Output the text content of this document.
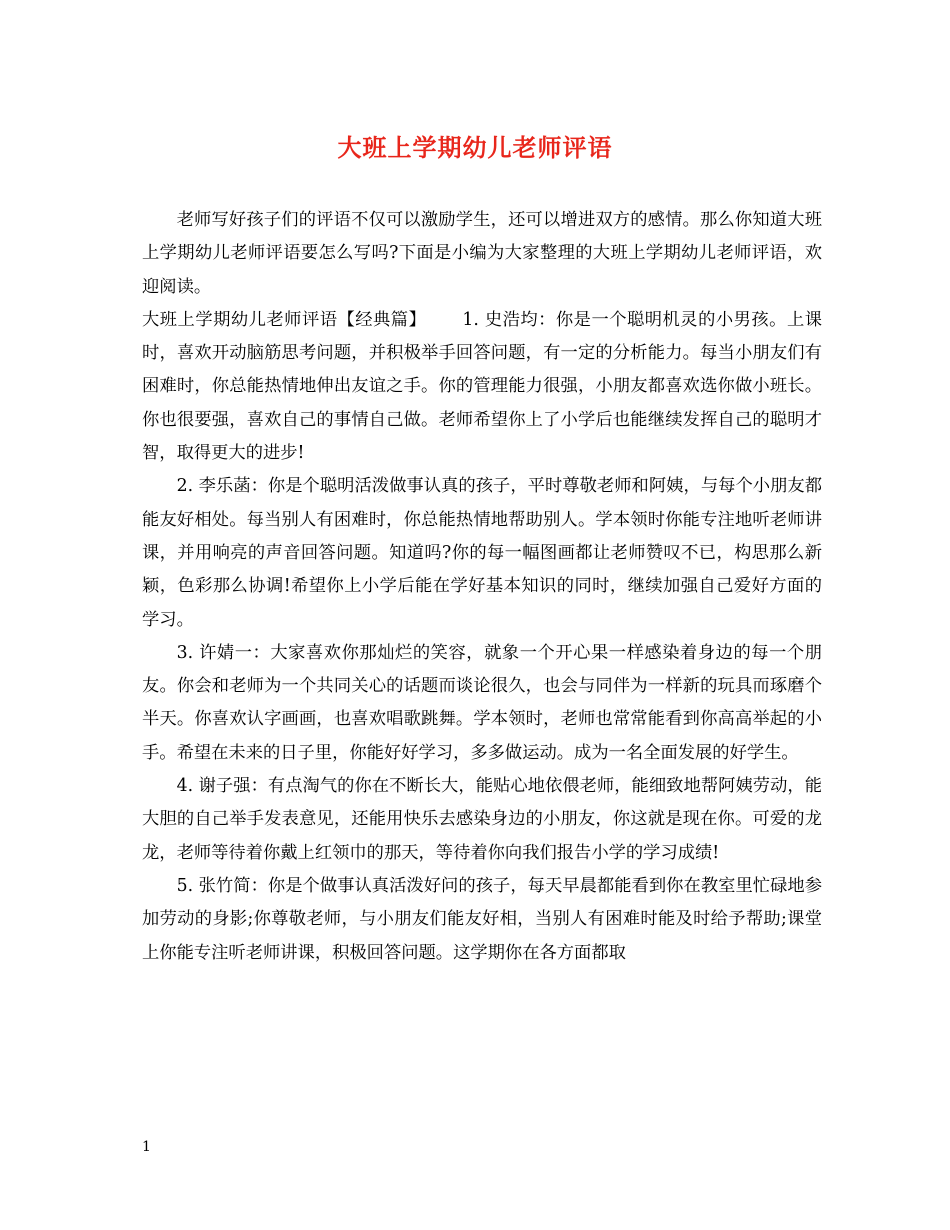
大班上学期幼儿老师评语

老师写好孩子们的评语不仅可以激励学生，还可以增进双方的感情。那么你知道大班上学期幼儿老师评语要怎么写吗?下面是小编为大家整理的大班上学期幼儿老师评语，欢迎阅读。

大班上学期幼儿老师评语【经典篇】 1. 史浩均：你是一个聪明机灵的小男孩。上课时，喜欢开动脑筋思考问题，并积极举手回答问题，有一定的分析能力。每当小朋友们有困难时，你总能热情地伸出友谊之手。你的管理能力很强，小朋友都喜欢选你做小班长。你也很要强，喜欢自己的事情自己做。老师希望你上了小学后也能继续发挥自己的聪明才智，取得更大的进步!

2. 李乐菡：你是个聪明活泼做事认真的孩子，平时尊敬老师和阿姨，与每个小朋友都能友好相处。每当别人有困难时，你总能热情地帮助别人。学本领时你能专注地听老师讲课，并用响亮的声音回答问题。知道吗?你的每一幅图画都让老师赞叹不已，构思那么新颖，色彩那么协调!希望你上小学后能在学好基本知识的同时，继续加强自己爱好方面的学习。

3. 许婧一：大家喜欢你那灿烂的笑容，就象一个开心果一样感染着身边的每一个朋友。你会和老师为一个共同关心的话题而谈论很久，也会与同伴为一样新的玩具而琢磨个半天。你喜欢认字画画，也喜欢唱歌跳舞。学本领时，老师也常常能看到你高高举起的小手。希望在未来的日子里，你能好好学习，多多做运动。成为一名全面发展的好学生。

4. 谢子强：有点淘气的你在不断长大，能贴心地依偎老师，能细致地帮阿姨劳动，能大胆的自己举手发表意见，还能用快乐去感染身边的小朋友，你这就是现在你。可爱的龙龙，老师等待着你戴上红领巾的那天，等待着你向我们报告小学的学习成绩!

5. 张竹简：你是个做事认真活泼好问的孩子，每天早晨都能看到你在教室里忙碌地参加劳动的身影;你尊敬老师，与小朋友们能友好相，当别人有困难时能及时给予帮助;课堂上你能专注听老师讲课，积极回答问题。这学期你在各方面都取

1
